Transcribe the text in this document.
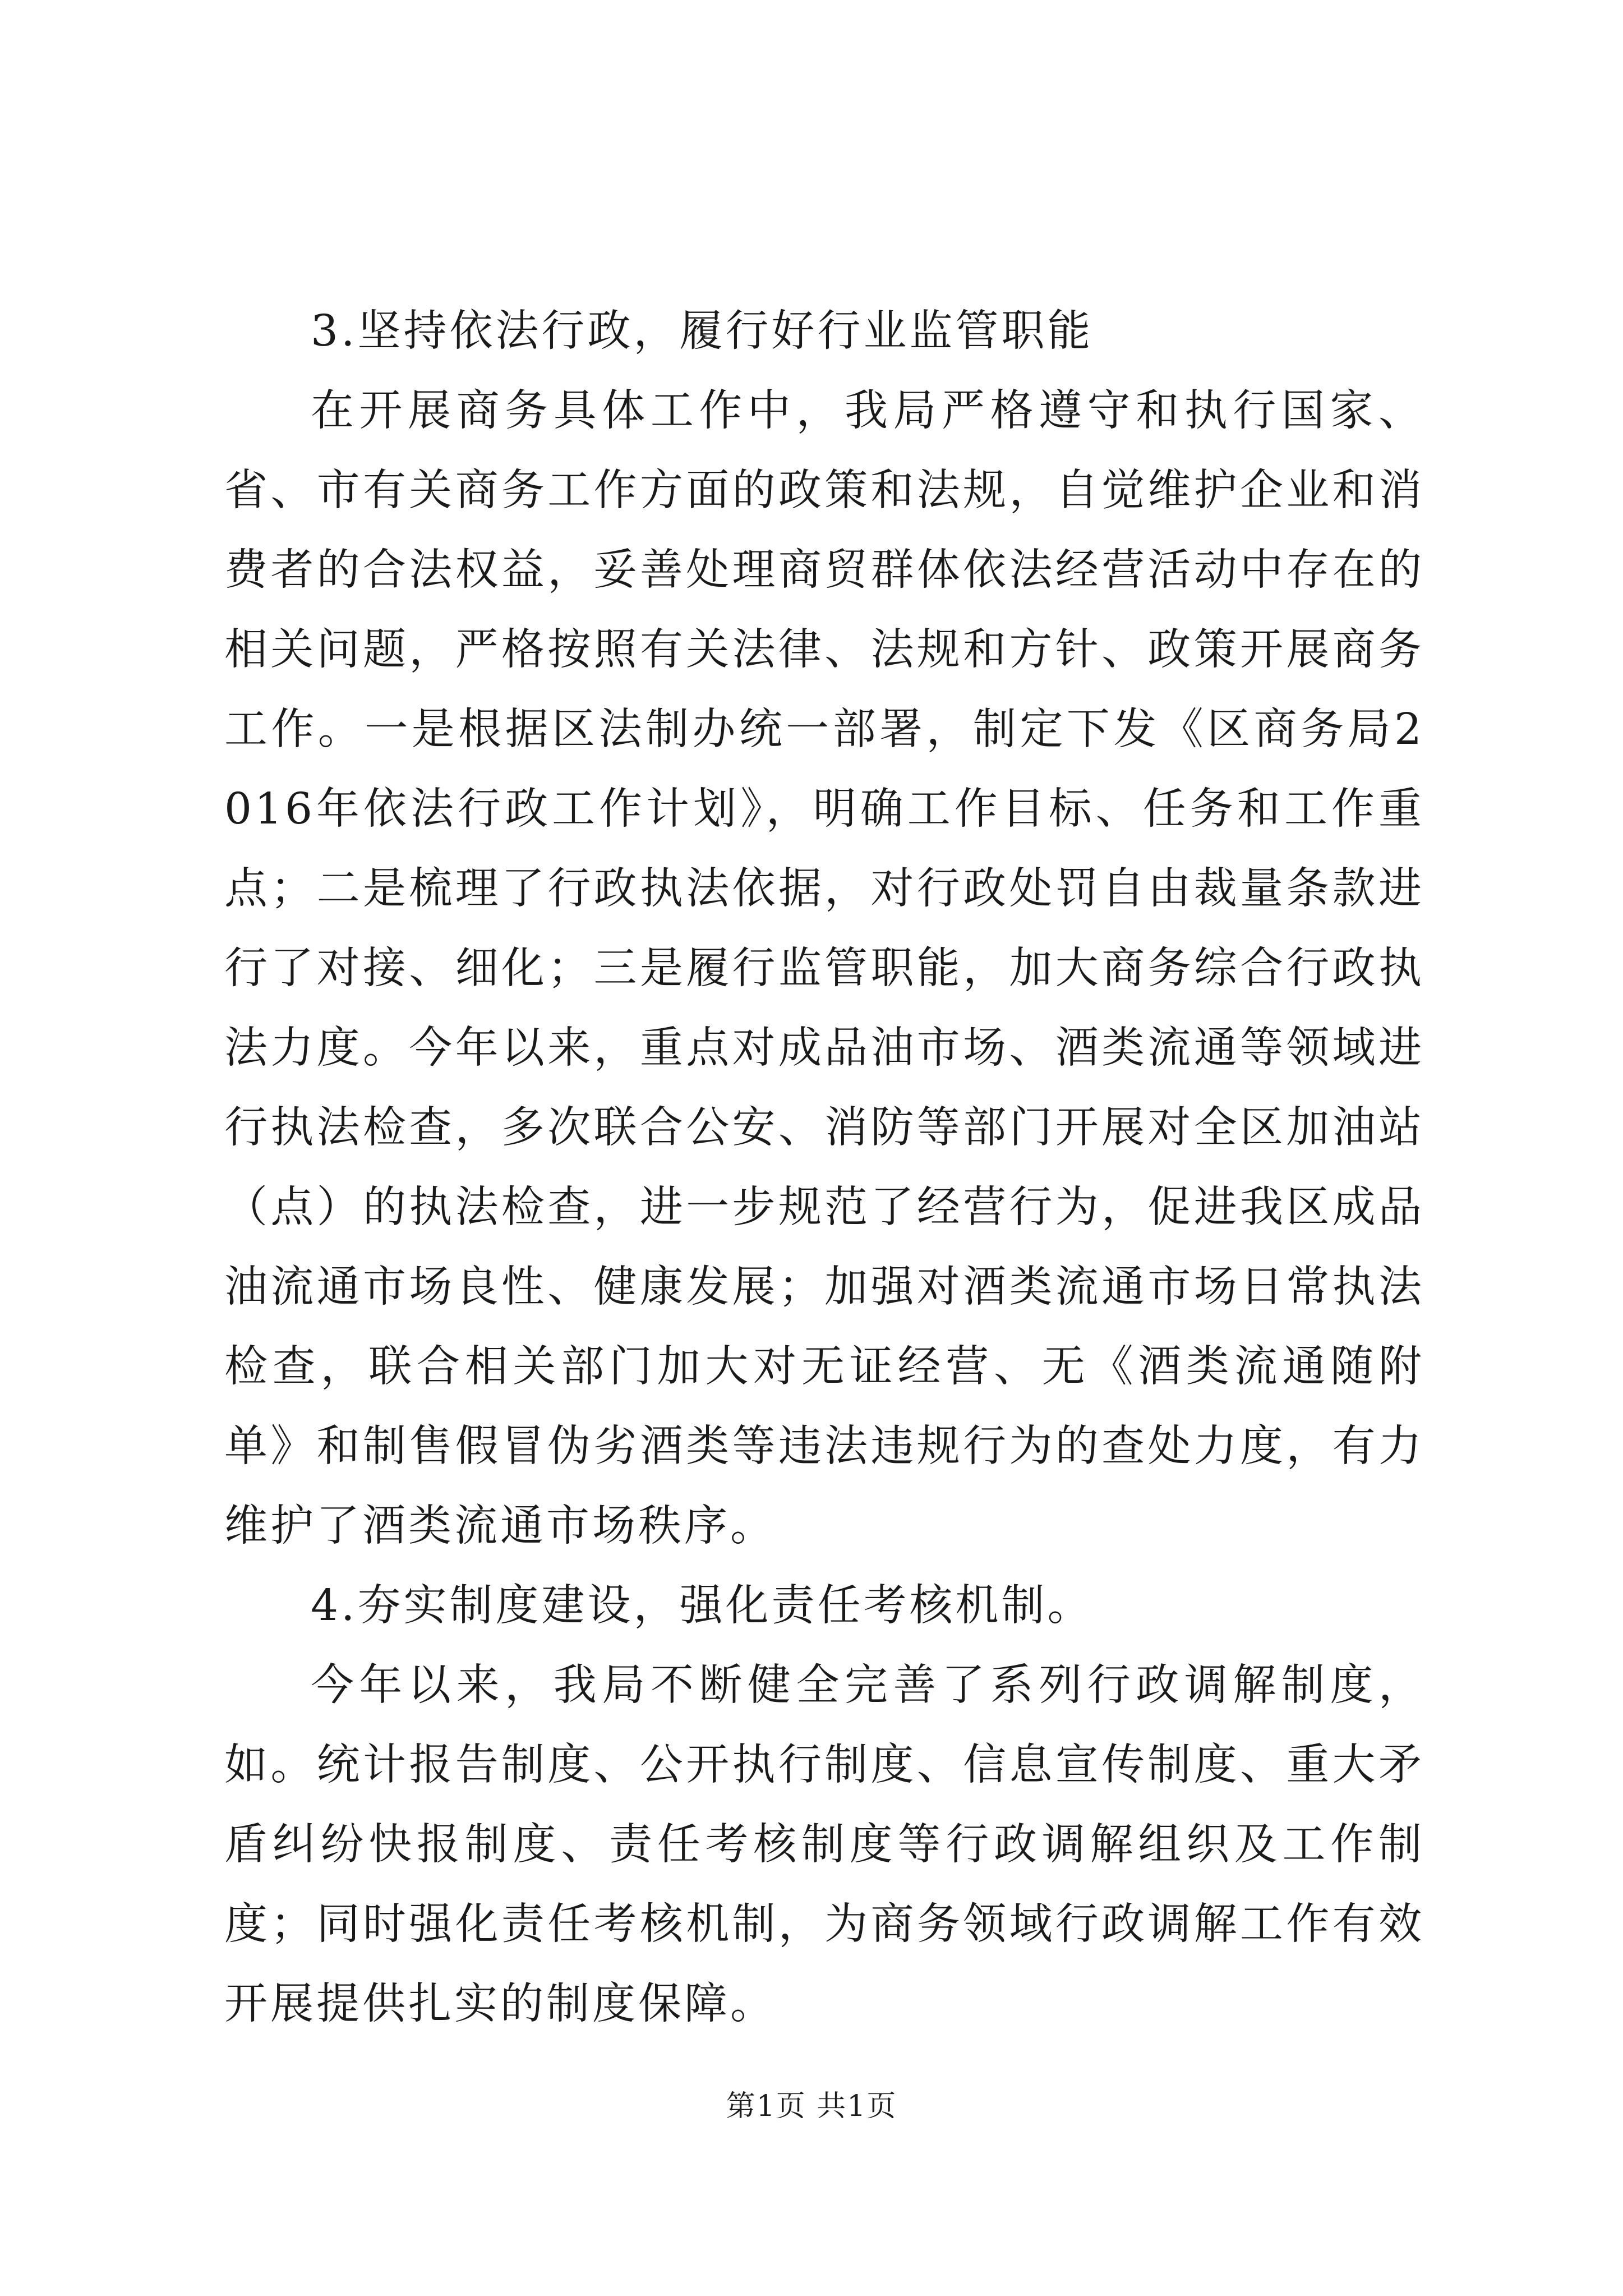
3.坚持依法行政，履行好行业监管职能

在开展商务具体工作中，我局严格遵守和执行国家、省、市有关商务工作方面的政策和法规，自觉维护企业和消费者的合法权益，妥善处理商贸群体依法经营活动中存在的相关问题，严格按照有关法律、法规和方针、政策开展商务工作。一是根据区法制办统一部署，制定下发《区商务局2016年依法行政工作计划》，明确工作目标、任务和工作重点；二是梳理了行政执法依据，对行政处罚自由裁量条款进行了对接、细化；三是履行监管职能，加大商务综合行政执法力度。今年以来，重点对成品油市场、酒类流通等领域进行执法检查，多次联合公安、消防等部门开展对全区加油站（点）的执法检查，进一步规范了经营行为，促进我区成品油流通市场良性、健康发展；加强对酒类流通市场日常执法检查，联合相关部门加大对无证经营、无《酒类流通随附单》和制售假冒伪劣酒类等违法违规行为的查处力度，有力维护了酒类流通市场秩序。

4.夯实制度建设，强化责任考核机制。

今年以来，我局不断健全完善了系列行政调解制度，如。统计报告制度、公开执行制度、信息宣传制度、重大矛盾纠纷快报制度、责任考核制度等行政调解组织及工作制度；同时强化责任考核机制，为商务领域行政调解工作有效开展提供扎实的制度保障。

第1页 共1页
